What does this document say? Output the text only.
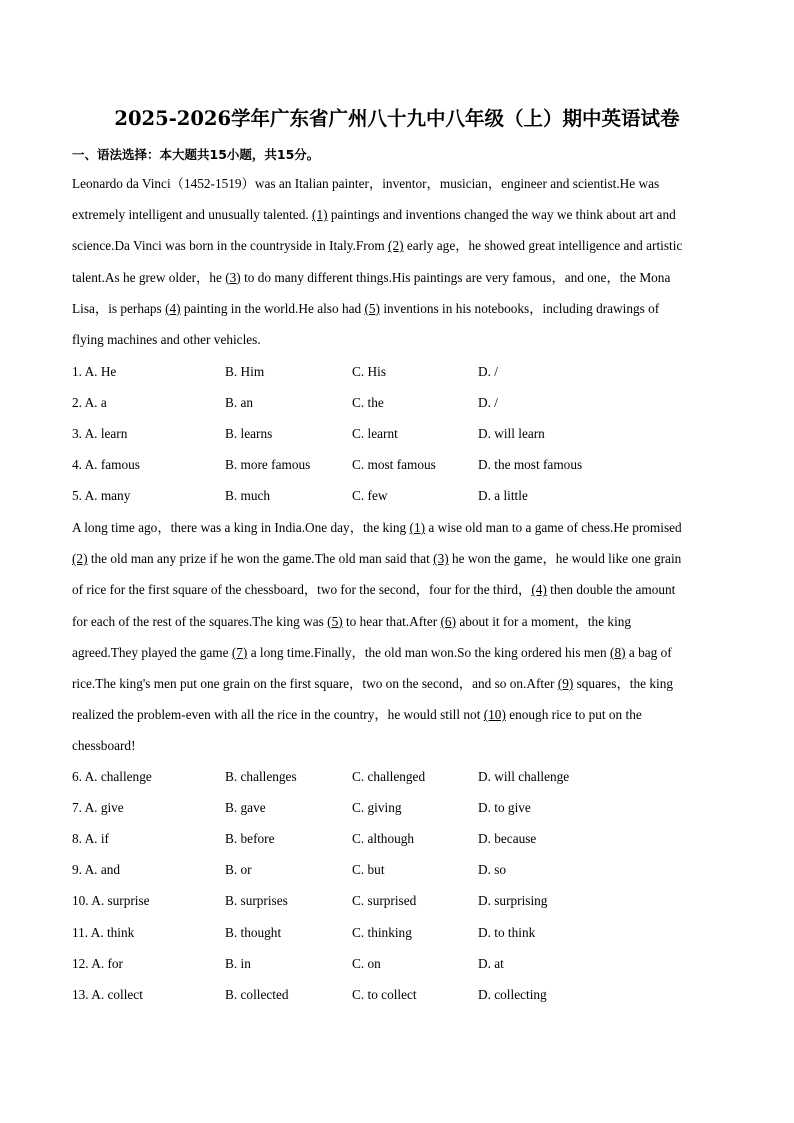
2025-2026学年广东省广州八十九中八年级（上）期中英语试卷
一、语法选择：本大题共15小题，共15分。
Leonardo da Vinci（1452-1519）was an Italian painter，inventor，musician，engineer and scientist.He was
extremely intelligent and unusually talented. (1) paintings and inventions changed the way we think about art and
science.Da Vinci was born in the countryside in Italy.From (2) early age，he showed great intelligence and artistic
talent.As he grew older，he (3) to do many different things.His paintings are very famous，and one，the Mona
Lisa，is perhaps (4) painting in the world.He also had (5) inventions in his notebooks，including drawings of
flying machines and other vehicles.
1. A. He	B. Him	C. His	D. /
2. A. a	B. an	C. the	D. /
3. A. learn	B. learns	C. learnt	D. will learn
4. A. famous	B. more famous	C. most famous	D. the most famous
5. A. many	B. much	C. few	D. a little
A long time ago，there was a king in India.One day，the king (1) a wise old man to a game of chess.He promised
(2) the old man any prize if he won the game.The old man said that (3) he won the game，he would like one grain
of rice for the first square of the chessboard，two for the second，four for the third，(4) then double the amount
for each of the rest of the squares.The king was (5) to hear that.After (6) about it for a moment，the king
agreed.They played the game (7) a long time.Finally，the old man won.So the king ordered his men (8) a bag of
rice.The king's men put one grain on the first square，two on the second，and so on.After (9) squares，the king
realized the problem-even with all the rice in the country，he would still not (10) enough rice to put on the
chessboard!
6. A. challenge	B. challenges	C. challenged	D. will challenge
7. A. give	B. gave	C. giving	D. to give
8. A. if	B. before	C. although	D. because
9. A. and	B. or	C. but	D. so
10. A. surprise	B. surprises	C. surprised	D. surprising
11. A. think	B. thought	C. thinking	D. to think
12. A. for	B. in	C. on	D. at
13. A. collect	B. collected	C. to collect	D. collecting
